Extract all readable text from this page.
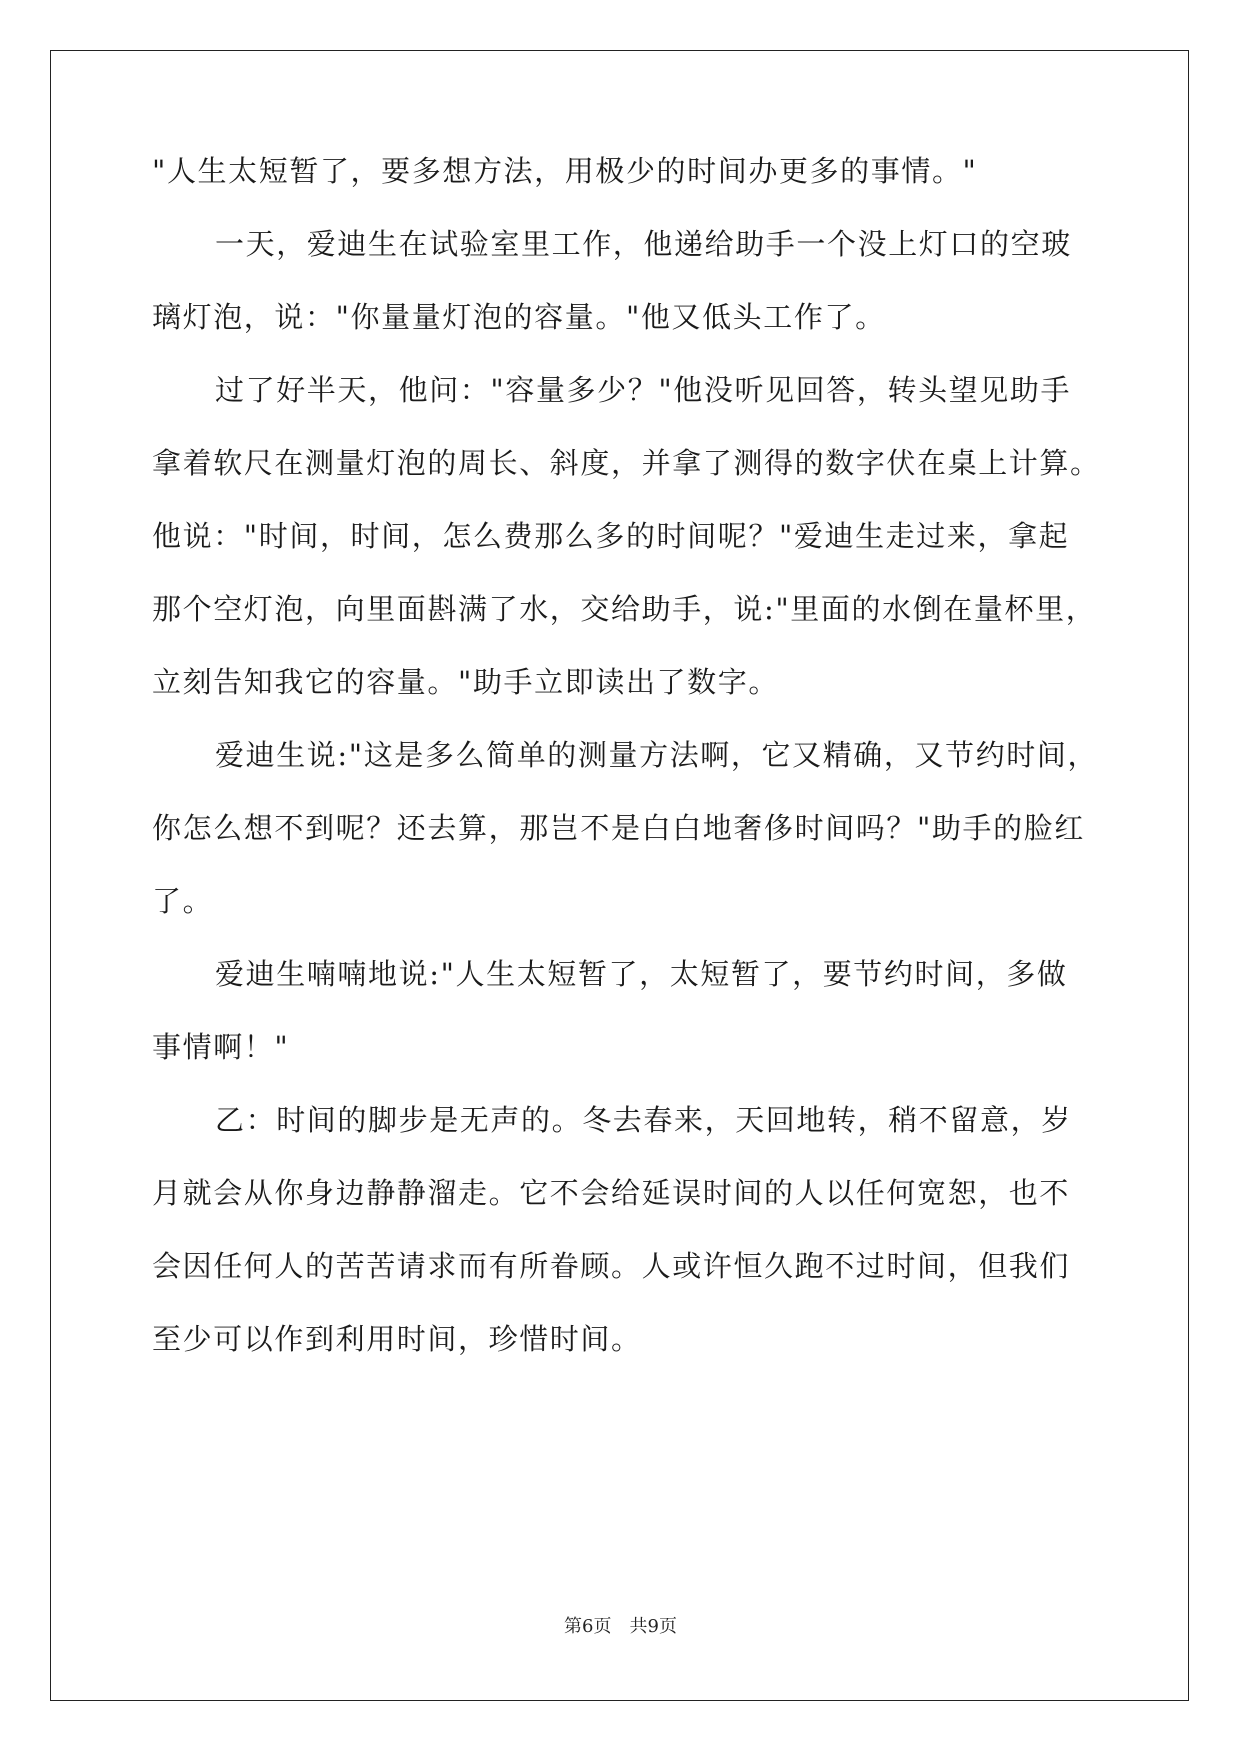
"人生太短暂了，要多想方法，用极少的时间办更多的事情。"
一天，爱迪生在试验室里工作，他递给助手一个没上灯口的空玻
璃灯泡，说："你量量灯泡的容量。"他又低头工作了。
过了好半天，他问："容量多少？"他没听见回答，转头望见助手
拿着软尺在测量灯泡的周长、斜度，并拿了测得的数字伏在桌上计算。
他说："时间，时间，怎么费那么多的时间呢？"爱迪生走过来，拿起
那个空灯泡，向里面斟满了水，交给助手，说:"里面的水倒在量杯里，
立刻告知我它的容量。"助手立即读出了数字。
爱迪生说:"这是多么简单的测量方法啊，它又精确，又节约时间，
你怎么想不到呢？还去算，那岂不是白白地奢侈时间吗？"助手的脸红
了。
爱迪生喃喃地说:"人生太短暂了，太短暂了，要节约时间，多做
事情啊！"
乙：时间的脚步是无声的。冬去春来，天回地转，稍不留意，岁
月就会从你身边静静溜走。它不会给延误时间的人以任何宽恕，也不
会因任何人的苦苦请求而有所眷顾。人或许恒久跑不过时间，但我们
至少可以作到利用时间，珍惜时间。
第6页　共9页
